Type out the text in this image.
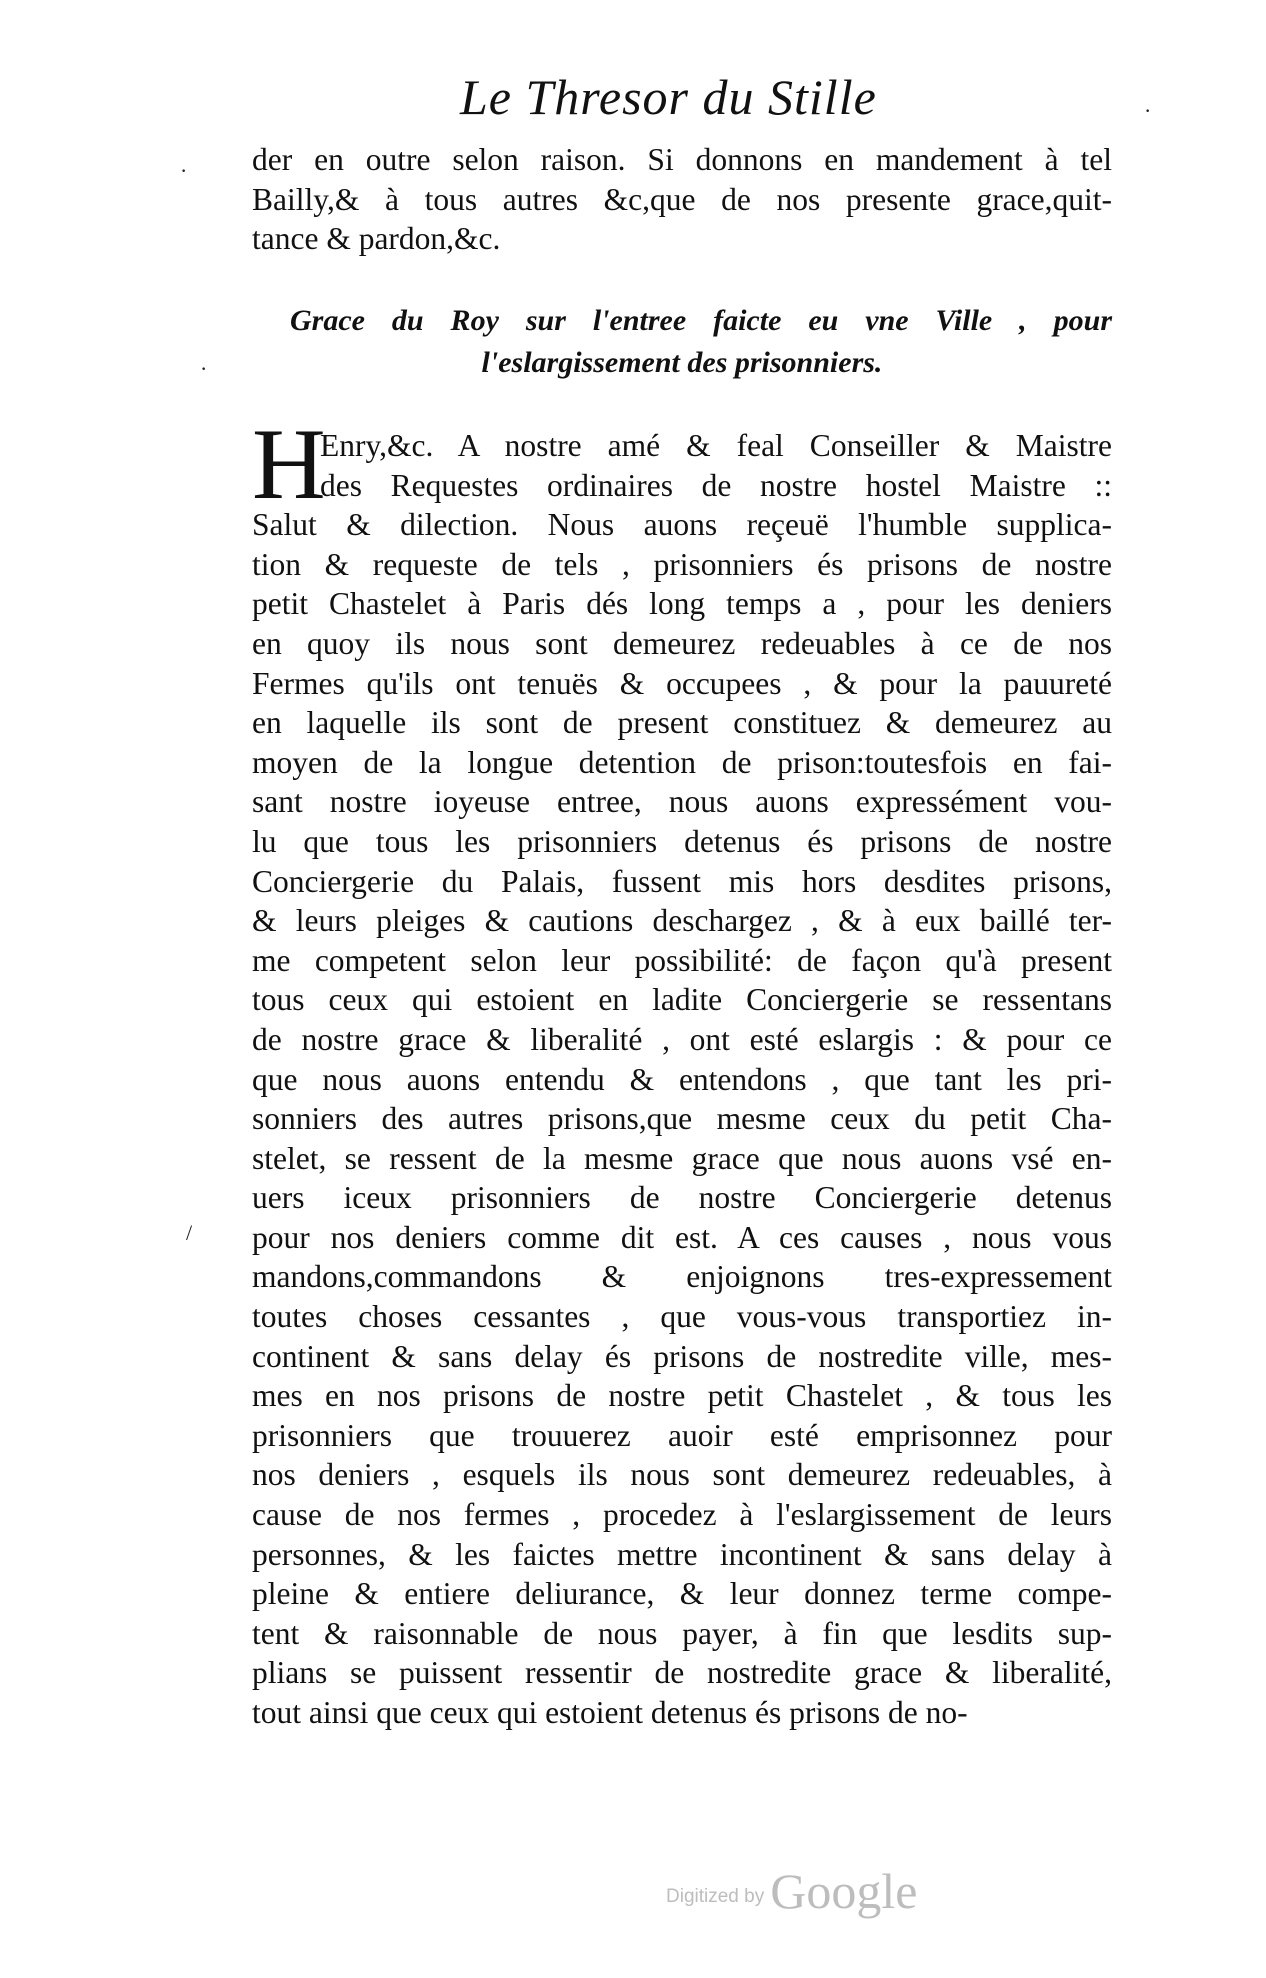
Le Thresor du Stille
der en outre selon raison. Si donnons en mandement à tel
Bailly,& à tous autres &c,que de nos presente grace,quit-
tance & pardon,&c.
Grace du Roy sur l'entree faicte eu vne Ville , pour
l'eslargissement des prisonniers.
H
Enry,&c. A nostre amé & feal Conseiller & Maistre
des Requestes ordinaires de nostre hostel Maistre ::
Salut & dilection. Nous auons reçeuë l'humble supplica-
tion & requeste de tels , prisonniers és prisons de nostre
petit Chastelet à Paris dés long temps a , pour les deniers
en quoy ils nous sont demeurez redeuables à ce de nos
Fermes qu'ils ont tenuës & occupees , & pour la pauureté
en laquelle ils sont de present constituez & demeurez au
moyen de la longue detention de prison:toutesfois en fai-
sant nostre ioyeuse entree, nous auons expressément vou-
lu que tous les prisonniers detenus és prisons de nostre
Conciergerie du Palais, fussent mis hors desdites prisons,
& leurs pleiges & cautions deschargez , & à eux baillé ter-
me competent selon leur possibilité: de façon qu'à present
tous ceux qui estoient en ladite Conciergerie se ressentans
de nostre grace & liberalité , ont esté eslargis : & pour ce
que nous auons entendu & entendons , que tant les pri-
sonniers des autres prisons,que mesme ceux du petit Cha-
stelet, se ressent de la mesme grace que nous auons vsé en-
uers iceux prisonniers de nostre Conciergerie detenus
pour nos deniers comme dit est. A ces causes , nous vous
mandons,commandons & enjoignons tres-expressement
toutes choses cessantes , que vous-vous transportiez in-
continent & sans delay és prisons de nostredite ville, mes-
mes en nos prisons de nostre petit Chastelet , & tous les
prisonniers que trouuerez auoir esté emprisonnez pour
nos deniers , esquels ils nous sont demeurez redeuables, à
cause de nos fermes , procedez à l'eslargissement de leurs
personnes, & les faictes mettre incontinent & sans delay à
pleine & entiere deliurance, & leur donnez terme compe-
tent & raisonnable de nous payer, à fin que lesdits sup-
plians se puissent ressentir de nostredite grace & liberalité,
tout ainsi que ceux qui estoient detenus és prisons de no-
·
·
·
/
Digitized by Google
